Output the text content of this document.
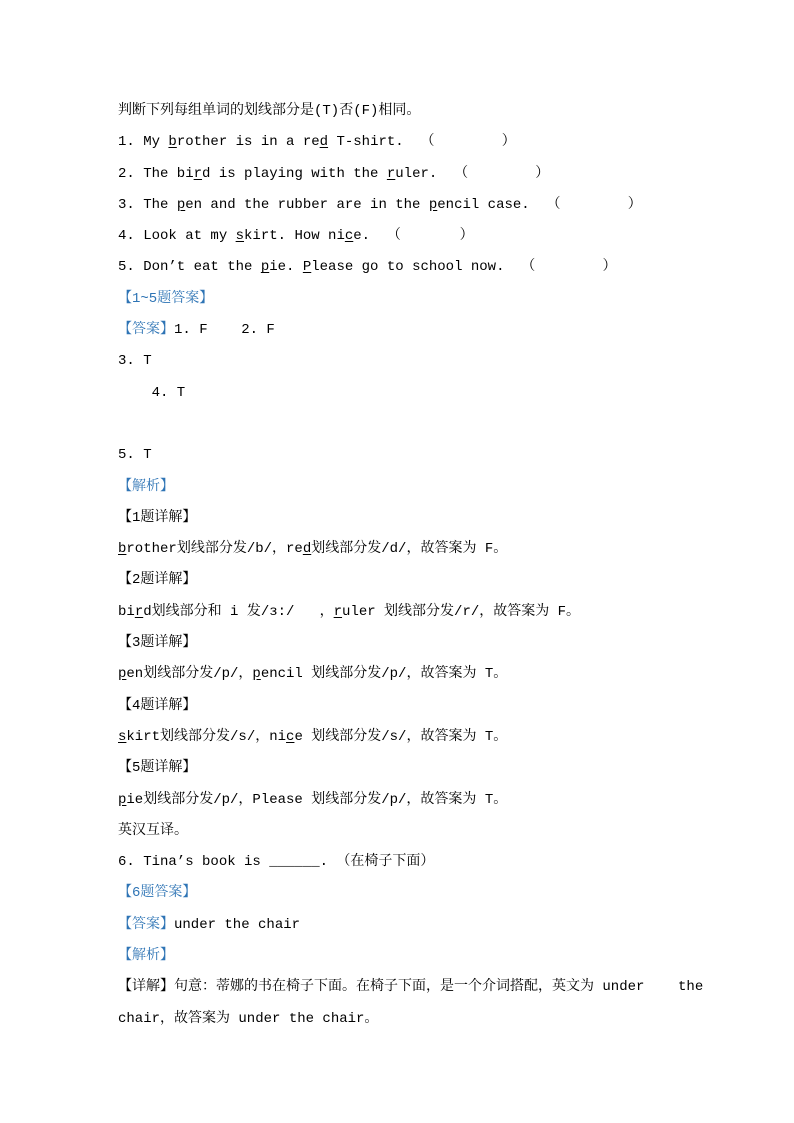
判断下列每组单词的划线部分是(T)否(F)相同。

1. My brother is in a red T-shirt.  （        ）

2. The bird is playing with the ruler.  （        ）

3. The pen and the rubber are in the pencil case.  （        ）

4. Look at my skirt. How nice.  （       ）

5. Don’t eat the pie. Please go to school now.  （        ）

【1~5题答案】

【答案】1. F    2. F

3. T

4. T

5. T

【解析】

【1题详解】

brother划线部分发/b/，red划线部分发/d/，故答案为 F。

【2题详解】

bird划线部分和 i 发/ɜ:/   ，ruler 划线部分发/r/，故答案为 F。

【3题详解】

pen划线部分发/p/，pencil 划线部分发/p/，故答案为 T。

【4题详解】

skirt划线部分发/s/，nice 划线部分发/s/，故答案为 T。

【5题详解】

pie划线部分发/p/，Please 划线部分发/p/，故答案为 T。

英汉互译。

6. Tina’s book is ______. （在椅子下面）

【6题答案】

【答案】under the chair

【解析】

【详解】句意：蒂娜的书在椅子下面。在椅子下面，是一个介词搭配，英文为 under    the

chair，故答案为 under the chair。
